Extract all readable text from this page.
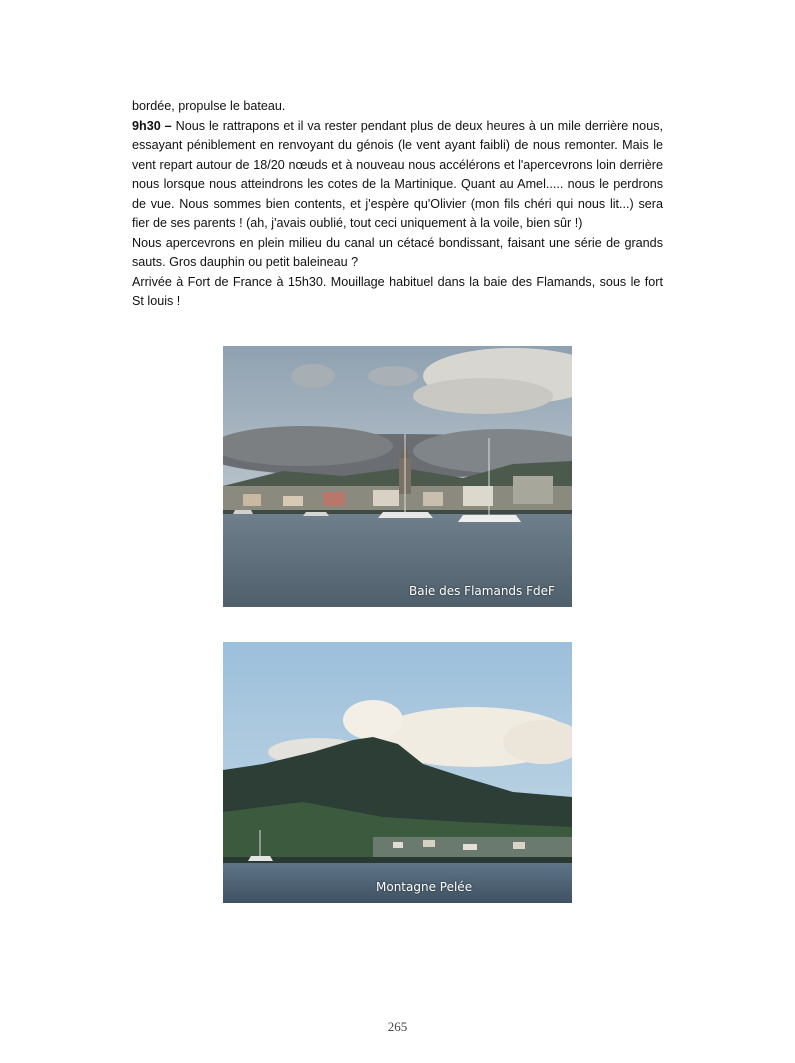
bordée, propulse le bateau.

9h30 – Nous le rattrapons et il va rester pendant plus de deux heures à un mile derrière nous, essayant péniblement en renvoyant du génois (le vent ayant faibli) de nous remonter. Mais le vent repart autour de 18/20 nœuds et à nouveau nous accélérons et l'apercevrons loin derrière nous lorsque nous atteindrons les cotes de la Martinique. Quant au Amel..... nous le perdrons de vue. Nous sommes bien contents, et j'espère qu'Olivier (mon fils chéri qui nous lit...) sera fier de ses parents ! (ah, j'avais oublié, tout ceci uniquement à la voile, bien sûr !)

Nous apercevrons en plein milieu du canal un cétacé bondissant, faisant une série de grands sauts. Gros dauphin ou petit baleineau ?

Arrivée à Fort de France à 15h30. Mouillage habituel dans la baie des Flamands, sous le fort St louis !

Baie des Flamands FdeF
Montagne Pelée
265
